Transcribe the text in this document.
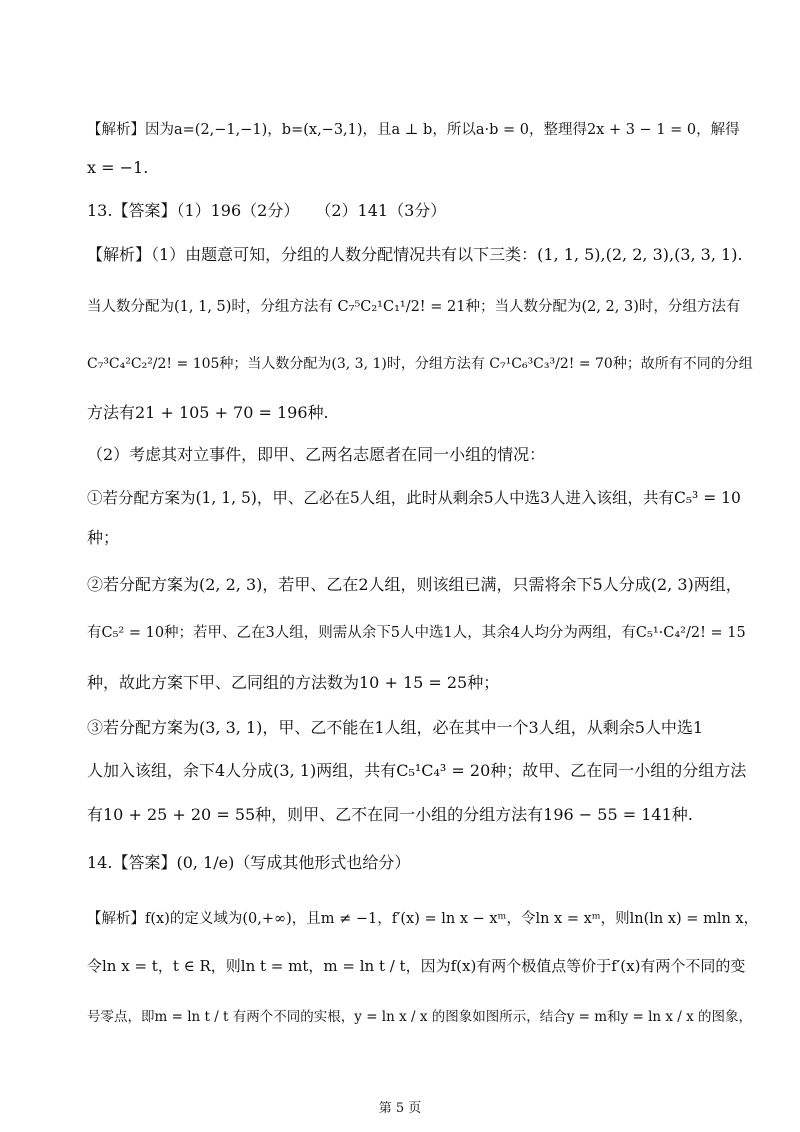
【解析】因为a=(2,−1,−1)，b=(x,−3,1)，且a ⊥ b，所以a·b = 0，整理得2x + 3 − 1 = 0，解得
x = −1.
13.【答案】（1）196（2分）　　（2）141（3分）
【解析】（1）由题意可知，分组的人数分配情况共有以下三类：(1, 1, 5),(2, 2, 3),(3, 3, 1).
当人数分配为(1, 1, 5)时，分组方法有 C₇⁵C₂¹C₁¹/2! = 21种；当人数分配为(2, 2, 3)时，分组方法有
C₇³C₄²C₂²/2! = 105种；当人数分配为(3, 3, 1)时，分组方法有 C₇¹C₆³C₃³/2! = 70种；故所有不同的分组
方法有21 + 105 + 70 = 196种.
（2）考虑其对立事件，即甲、乙两名志愿者在同一小组的情况：
①若分配方案为(1, 1, 5)，甲、乙必在5人组，此时从剩余5人中选3人进入该组，共有C₅³ = 10
种；
②若分配方案为(2, 2, 3)，若甲、乙在2人组，则该组已满，只需将余下5人分成(2, 3)两组，
有C₅² = 10种；若甲、乙在3人组，则需从余下5人中选1人，其余4人均分为两组，有C₅¹·C₄²/2! = 15
种，故此方案下甲、乙同组的方法数为10 + 15 = 25种；
③若分配方案为(3, 3, 1)，甲、乙不能在1人组，必在其中一个3人组，从剩余5人中选1
人加入该组，余下4人分成(3, 1)两组，共有C₅¹C₄³ = 20种；故甲、乙在同一小组的分组方法
有10 + 25 + 20 = 55种，则甲、乙不在同一小组的分组方法有196 − 55 = 141种.
14.【答案】(0, 1/e)（写成其他形式也给分）
【解析】f(x)的定义域为(0,+∞)，且m ≠ −1，f′(x) = ln x − xᵐ，令ln x = xᵐ，则ln(ln x) = mln x，
令ln x = t，t ∈ R，则ln t = mt，m = ln t / t，因为f(x)有两个极值点等价于f′(x)有两个不同的变
号零点，即m = ln t / t 有两个不同的实根，y = ln x / x 的图象如图所示，结合y = m和y = ln x / x 的图象，
第 5 页
